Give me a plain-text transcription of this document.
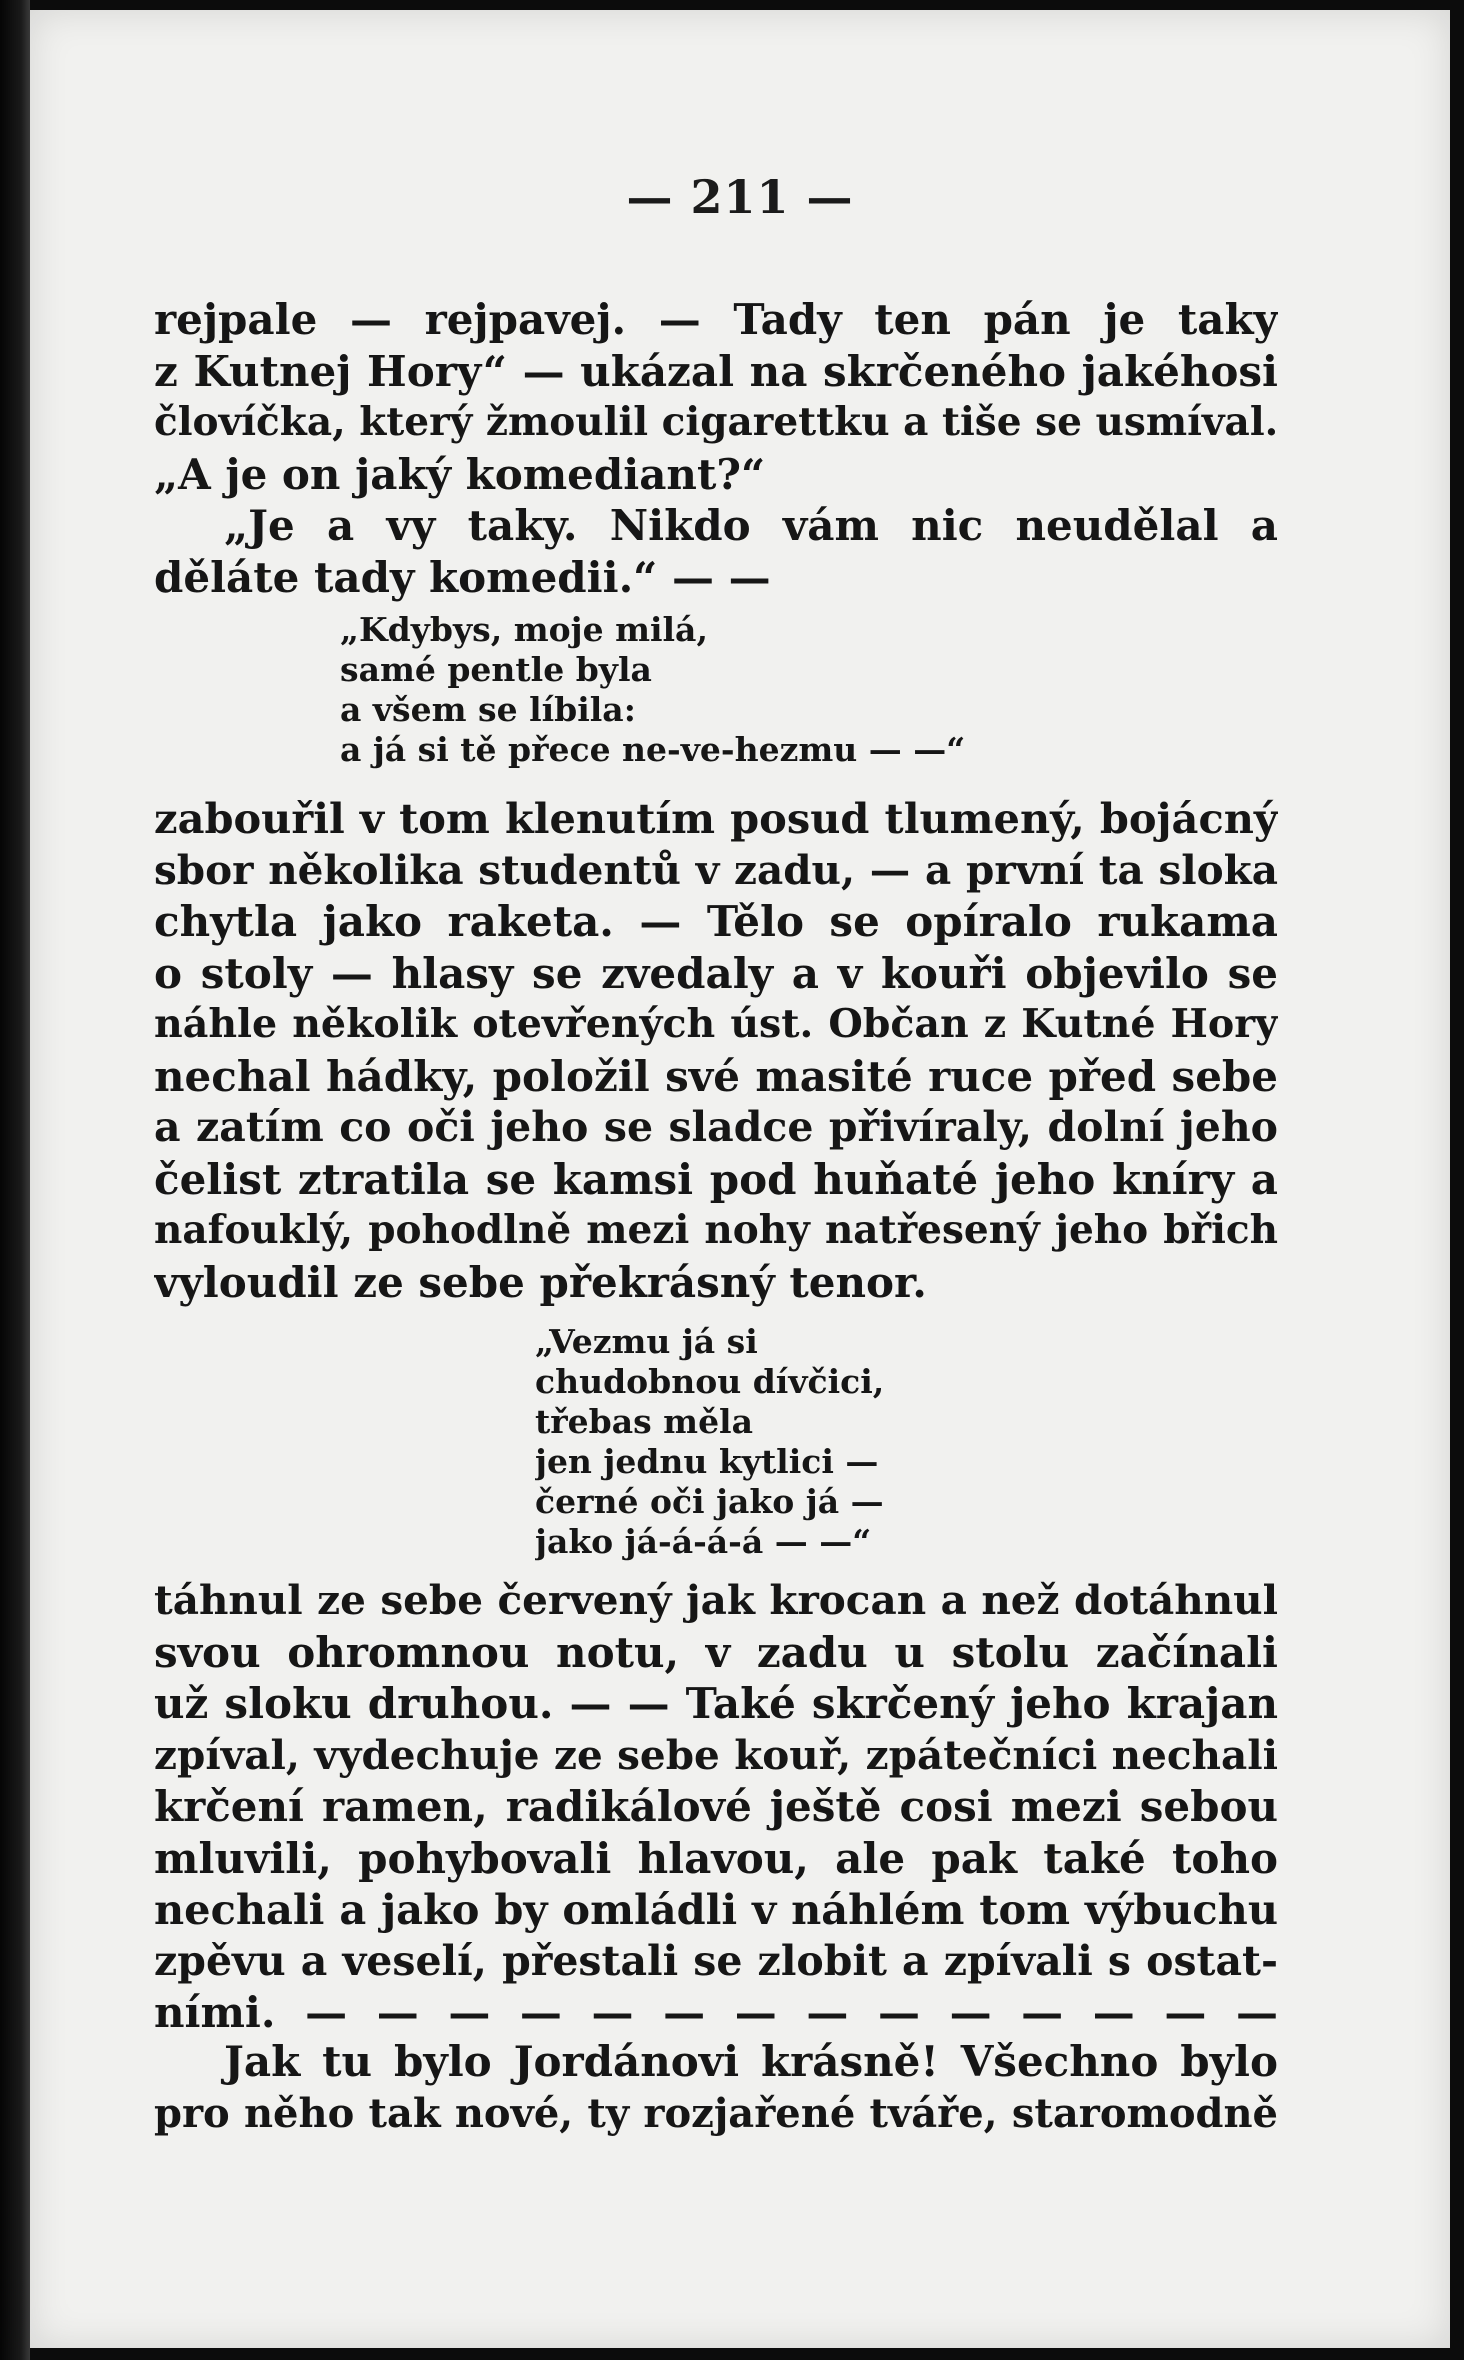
— 211 —
rejpale — rejpavej. — Tady ten pán je taky
z Kutnej Hory“ — ukázal na skrčeného jakéhosi
človíčka, který žmoulil cigarettku a tiše se usmíval.
„A je on jaký komediant?“
„Je a vy taky. Nikdo vám nic neudělal a
děláte tady komedii.“ — —
„Kdybys, moje milá,
samé pentle byla
a všem se líbila:
a já si tě přece ne-ve-hezmu — —“
zabouřil v tom klenutím posud tlumený, bojácný
sbor několika studentů v zadu, — a první ta sloka
chytla jako raketa. — Tělo se opíralo rukama
o stoly — hlasy se zvedaly a v kouři objevilo se
náhle několik otevřených úst. Občan z Kutné Hory
nechal hádky, položil své masité ruce před sebe
a zatím co oči jeho se sladce přivíraly, dolní jeho
čelist ztratila se kamsi pod huňaté jeho kníry a
nafouklý, pohodlně mezi nohy natřesený jeho břich
vyloudil ze sebe překrásný tenor.
„Vezmu já si
chudobnou dívčici,
třebas měla
jen jednu kytlici —
černé oči jako já —
jako já-á-á-á — —“
táhnul ze sebe červený jak krocan a než dotáhnul
svou ohromnou notu, v zadu u stolu začínali
už sloku druhou. — — Také skrčený jeho krajan
zpíval, vydechuje ze sebe kouř, zpátečníci nechali
krčení ramen, radikálové ještě cosi mezi sebou
mluvili, pohybovali hlavou, ale pak také toho
nechali a jako by omládli v náhlém tom výbuchu
zpěvu a veselí, přestali se zlobit a zpívali s ostat-
ními. — — — — — — — — — — — — — —
Jak tu bylo Jordánovi krásně! Všechno bylo
pro něho tak nové, ty rozjařené tváře, staromodně
